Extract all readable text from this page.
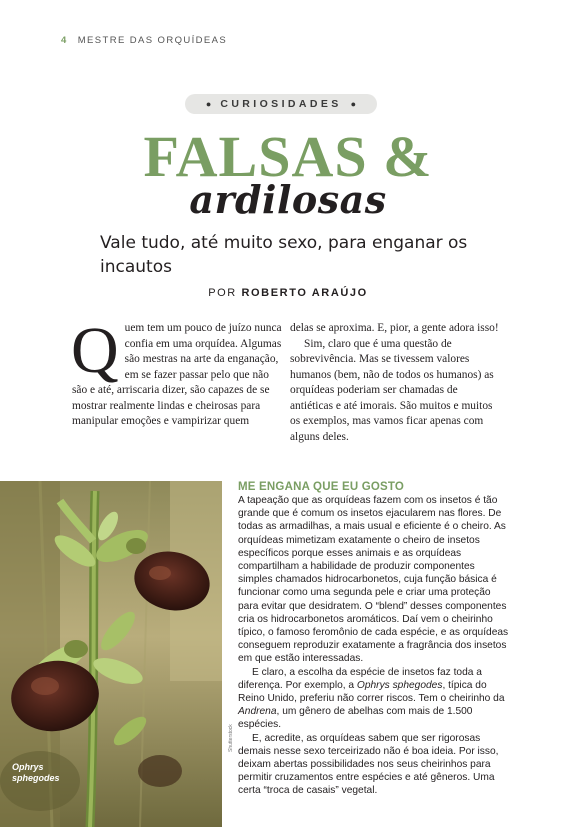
4 MESTRE DAS ORQUÍDEAS
● CURIOSIDADES ●
FALSAS &
ardilosas
Vale tudo, até muito sexo, para enganar os incautos
POR ROBERTO ARAÚJO

Quem tem um pouco de juízo nunca confia em uma orquídea. Algumas são mestras na arte da enganação, em se fazer passar pelo que não são e até, arriscaria dizer, são capazes de se mostrar realmente lindas e cheirosas para manipular emoções e vampirizar quem

delas se aproxima. E, pior, a gente adora isso!

Sim, claro que é uma questão de sobrevivência. Mas se tivessem valores humanos (bem, não de todos os humanos) as orquídeas poderiam ser chamadas de antiéticas e até imorais. São muitos e muitos os exemplos, mas vamos ficar apenas com alguns deles.

Ophrys
sphegodes
Shutterstock
ME ENGANA QUE EU GOSTO

A tapeação que as orquídeas fazem com os insetos é tão grande que é comum os insetos ejacularem nas flores. De todas as armadilhas, a mais usual e eficiente é o cheiro. As orquídeas mimetizam exatamente o cheiro de insetos específicos porque esses animais e as orquídeas compartilham a habilidade de produzir componentes simples chamados hidrocarbonetos, cuja função básica é funcionar como uma segunda pele e criar uma proteção para evitar que desidratem. O “blend” desses componentes cria os hidrocarbonetos aromáticos. Daí vem o cheirinho típico, o famoso feromônio de cada espécie, e as orquídeas conseguem reproduzir exatamente a fragrância dos insetos em que estão interessadas.

E claro, a escolha da espécie de insetos faz toda a diferença. Por exemplo, a Ophrys sphegodes, típica do Reino Unido, preferiu não correr riscos. Tem o cheirinho da Andrena, um gênero de abelhas com mais de 1.500 espécies.

E, acredite, as orquídeas sabem que ser rigorosas demais nesse sexo terceirizado não é boa ideia. Por isso, deixam abertas possibilidades nos seus cheirinhos para permitir cruzamentos entre espécies e até gêneros. Uma certa “troca de casais” vegetal.
